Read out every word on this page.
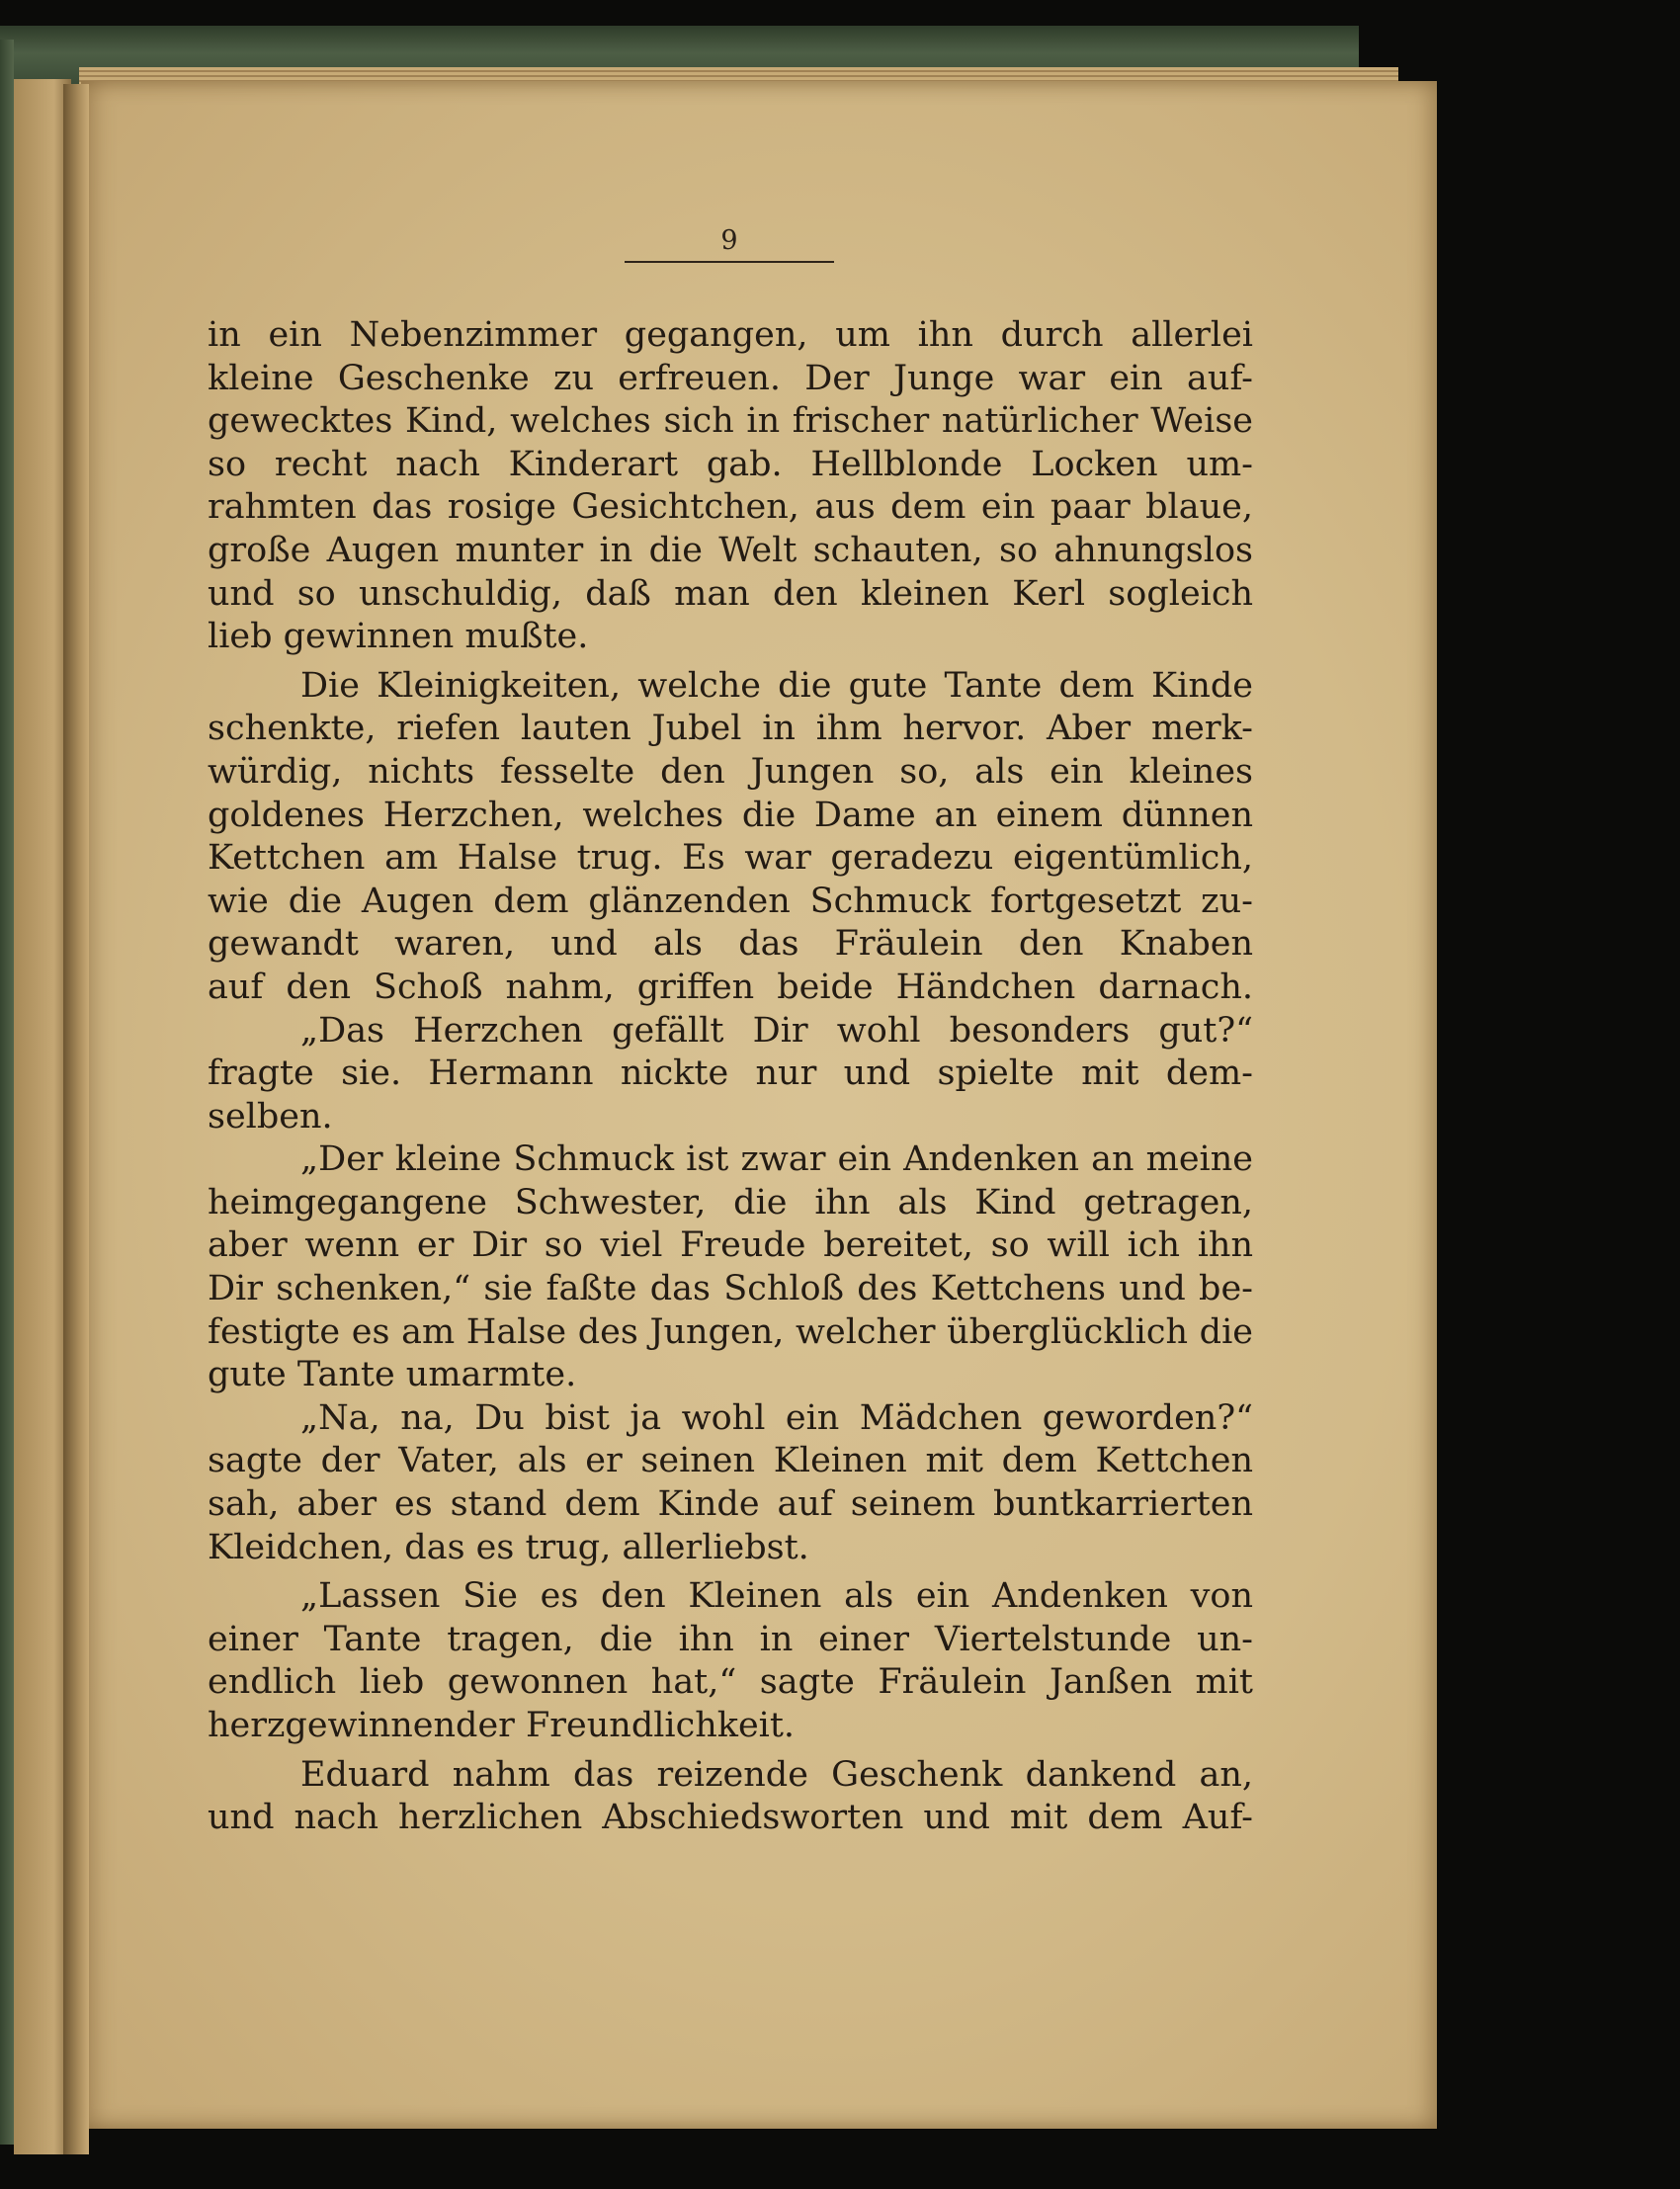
9
in ein Nebenzimmer gegangen, um ihn durch allerlei
kleine Geschenke zu erfreuen. Der Junge war ein auf-
gewecktes Kind, welches sich in frischer natürlicher Weise
so recht nach Kinderart gab. Hellblonde Locken um-
rahmten das rosige Gesichtchen, aus dem ein paar blaue,
große Augen munter in die Welt schauten, so ahnungslos
und so unschuldig, daß man den kleinen Kerl sogleich
lieb gewinnen mußte.
Die Kleinigkeiten, welche die gute Tante dem Kinde
schenkte, riefen lauten Jubel in ihm hervor. Aber merk-
würdig, nichts fesselte den Jungen so, als ein kleines
goldenes Herzchen, welches die Dame an einem dünnen
Kettchen am Halse trug. Es war geradezu eigentümlich,
wie die Augen dem glänzenden Schmuck fortgesetzt zu-
gewandt waren, und als das Fräulein den Knaben
auf den Schoß nahm, griffen beide Händchen darnach.
„Das Herzchen gefällt Dir wohl besonders gut?“
fragte sie. Hermann nickte nur und spielte mit dem-
selben.
„Der kleine Schmuck ist zwar ein Andenken an meine
heimgegangene Schwester, die ihn als Kind getragen,
aber wenn er Dir so viel Freude bereitet, so will ich ihn
Dir schenken,“ sie faßte das Schloß des Kettchens und be-
festigte es am Halse des Jungen, welcher überglücklich die
gute Tante umarmte.
„Na, na, Du bist ja wohl ein Mädchen geworden?“
sagte der Vater, als er seinen Kleinen mit dem Kettchen
sah, aber es stand dem Kinde auf seinem buntkarrierten
Kleidchen, das es trug, allerliebst.
„Lassen Sie es den Kleinen als ein Andenken von
einer Tante tragen, die ihn in einer Viertelstunde un-
endlich lieb gewonnen hat,“ sagte Fräulein Janßen mit
herzgewinnender Freundlichkeit.
Eduard nahm das reizende Geschenk dankend an,
und nach herzlichen Abschiedsworten und mit dem Auf-
